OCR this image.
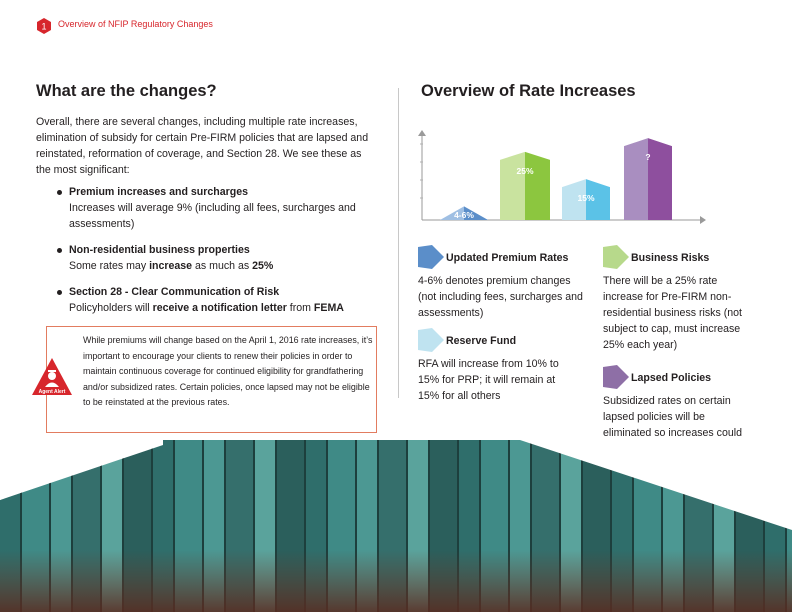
1 Overview of NFIP Regulatory Changes
What are the changes?
Overall, there are several changes, including multiple rate increases, elimination of subsidy for certain Pre-FIRM policies that are lapsed and reinstated, reformation of coverage, and Section 28. We see these as the most significant:
Premium increases and surcharges
Increases will average 9% (including all fees, surcharges and assessments)
Non-residential business properties
Some rates may increase as much as 25%
Section 28 - Clear Communication of Risk
Policyholders will receive a notification letter from FEMA
Agent Alert
While premiums will change based on the April 1, 2016 rate increases, it’s important to encourage your clients to renew their policies in order to maintain continuous coverage for continued eligibility for grandfathering and/or subsidized rates. Certain policies, once lapsed may not be eligible to be reinstated at the previous rates.
Overview of Rate Increases
4-6%
25%
15%
?
Updated Premium Rates
4-6% denotes premium changes (not including fees, surcharges and assessments)
Business Risks
There will be a 25% rate increase for Pre-FIRM non-residential business risks (not subject to cap, must increase 25% each year)
Reserve Fund
RFA will increase from 10% to 15% for PRP; it will remain at 15% for all others
Lapsed Policies
Subsidized rates on certain lapsed policies will be eliminated so increases could
